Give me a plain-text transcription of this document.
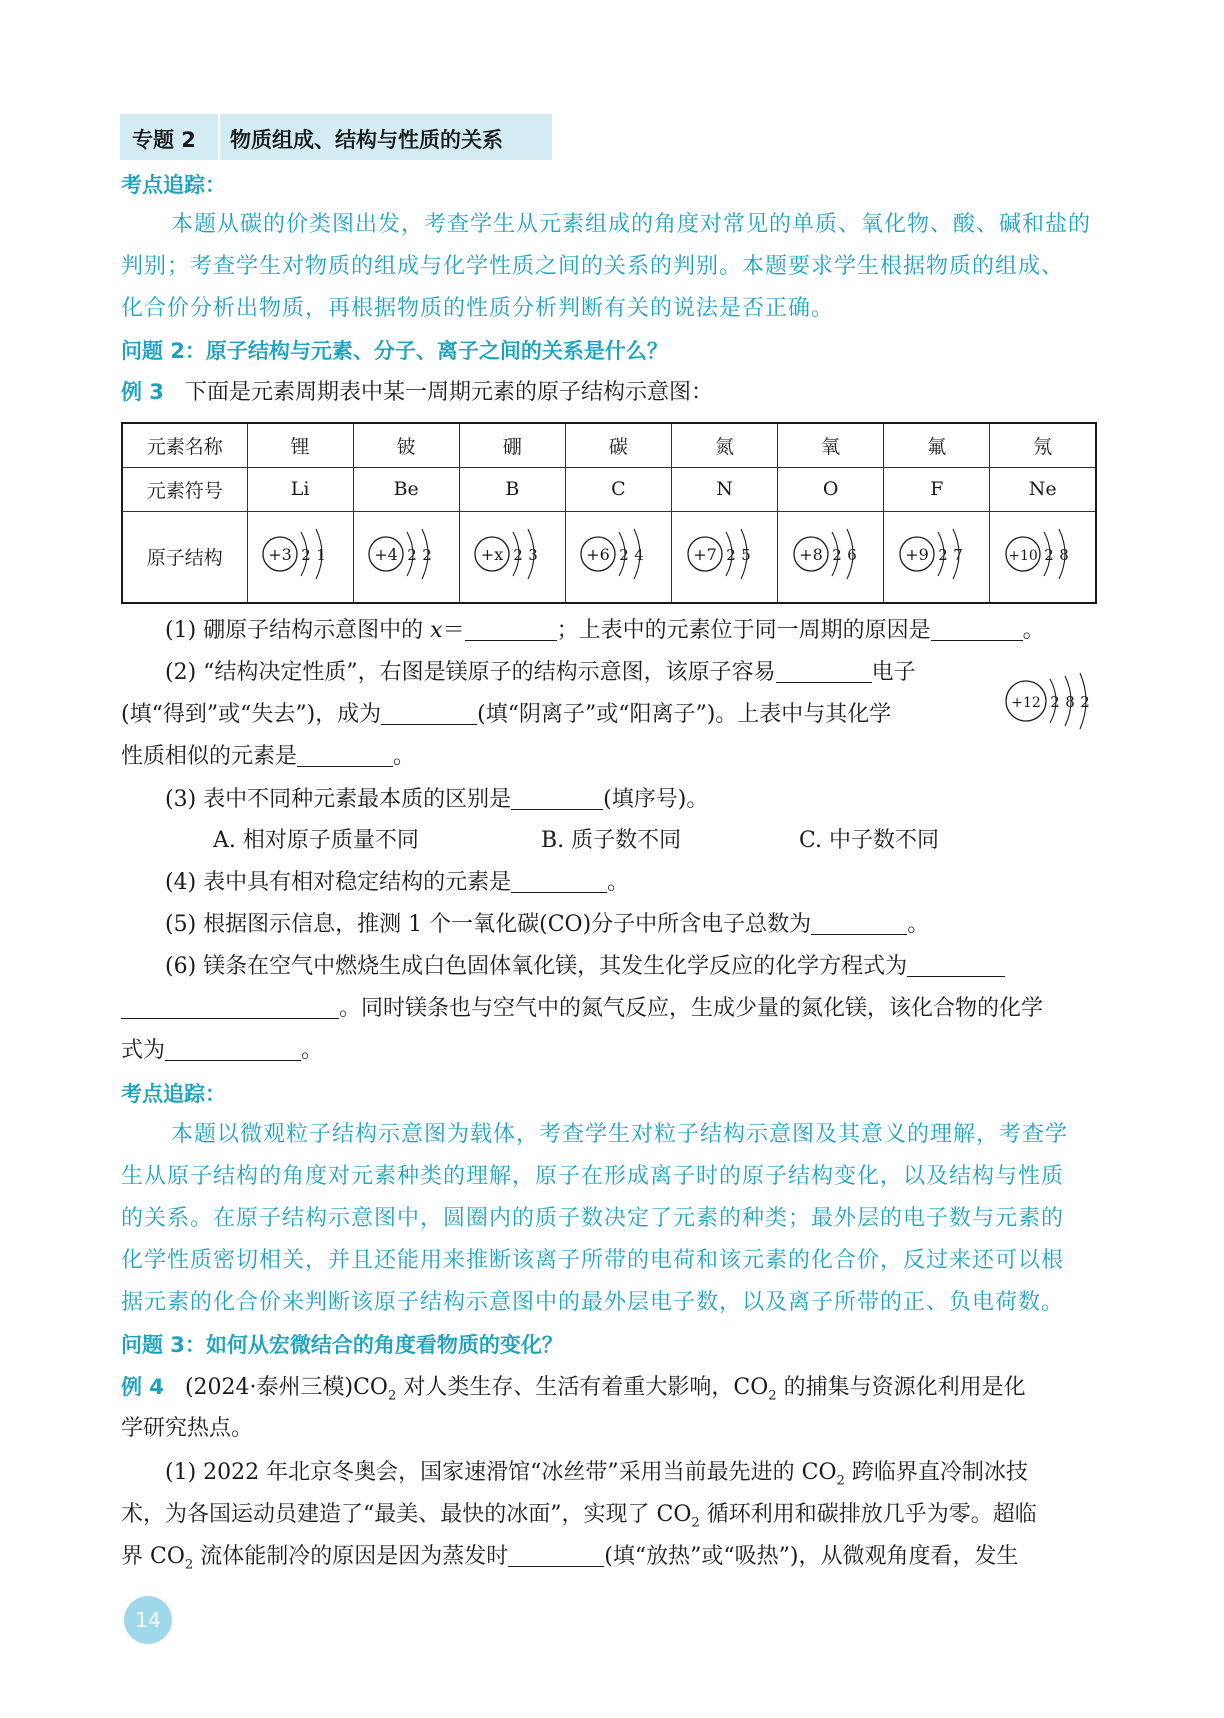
专题 2 物质组成、结构与性质的关系
考点追踪：
本题从碳的价类图出发，考查学生从元素组成的角度对常见的单质、氧化物、酸、碱和盐的
判别；考查学生对物质的组成与化学性质之间的关系的判别。本题要求学生根据物质的组成、
化合价分析出物质，再根据物质的性质分析判断有关的说法是否正确。
问题 2：原子结构与元素、分子、离子之间的关系是什么？
例 3 下面是元素周期表中某一周期元素的原子结构示意图：
元素名称	锂	铍	硼	碳	氮	氧	氟	氖
元素符号	Li	Be	B	C	N	O	F	Ne
原子结构	+3 2 1	+4 2 2	+x 2 3	+6 2 4	+7 2 5	+8 2 6	+9 2 7	+10 2 8
(1) 硼原子结构示意图中的 x＝	；上表中的元素位于同一周期的原因是	。
(2) “结构决定性质”，右图是镁原子的结构示意图，该原子容易	电子
(填“得到”或“失去”)，成为	(填“阴离子”或“阳离子”)。上表中与其化学
性质相似的元素是	。
+12 2 8 2
(3) 表中不同种元素最本质的区别是	(填序号)。
A. 相对原子质量不同	B. 质子数不同	C. 中子数不同
(4) 表中具有相对稳定结构的元素是	。
(5) 根据图示信息，推测 1 个一氧化碳(CO)分子中所含电子总数为	。
(6) 镁条在空气中燃烧生成白色固体氧化镁，其发生化学反应的化学方程式为
。同时镁条也与空气中的氮气反应，生成少量的氮化镁，该化合物的化学
式为	。
考点追踪：
本题以微观粒子结构示意图为载体，考查学生对粒子结构示意图及其意义的理解，考查学
生从原子结构的角度对元素种类的理解，原子在形成离子时的原子结构变化，以及结构与性质
的关系。在原子结构示意图中，圆圈内的质子数决定了元素的种类；最外层的电子数与元素的
化学性质密切相关，并且还能用来推断该离子所带的电荷和该元素的化合价，反过来还可以根
据元素的化合价来判断该原子结构示意图中的最外层电子数，以及离子所带的正、负电荷数。
问题 3：如何从宏微结合的角度看物质的变化？
例 4 (2024·泰州三模)$CO_2$ 对人类生存、生活有着重大影响，$CO_2$ 的捕集与资源化利用是化
学研究热点。
(1) 2022 年北京冬奥会，国家速滑馆“冰丝带”采用当前最先进的 $CO_2$ 跨临界直冷制冰技
术，为各国运动员建造了“最美、最快的冰面”，实现了 $CO_2$ 循环利用和碳排放几乎为零。超临
界 $CO_2$ 流体能制冷的原因是因为蒸发时	(填“放热”或“吸热”)，从微观角度看，发生
14
